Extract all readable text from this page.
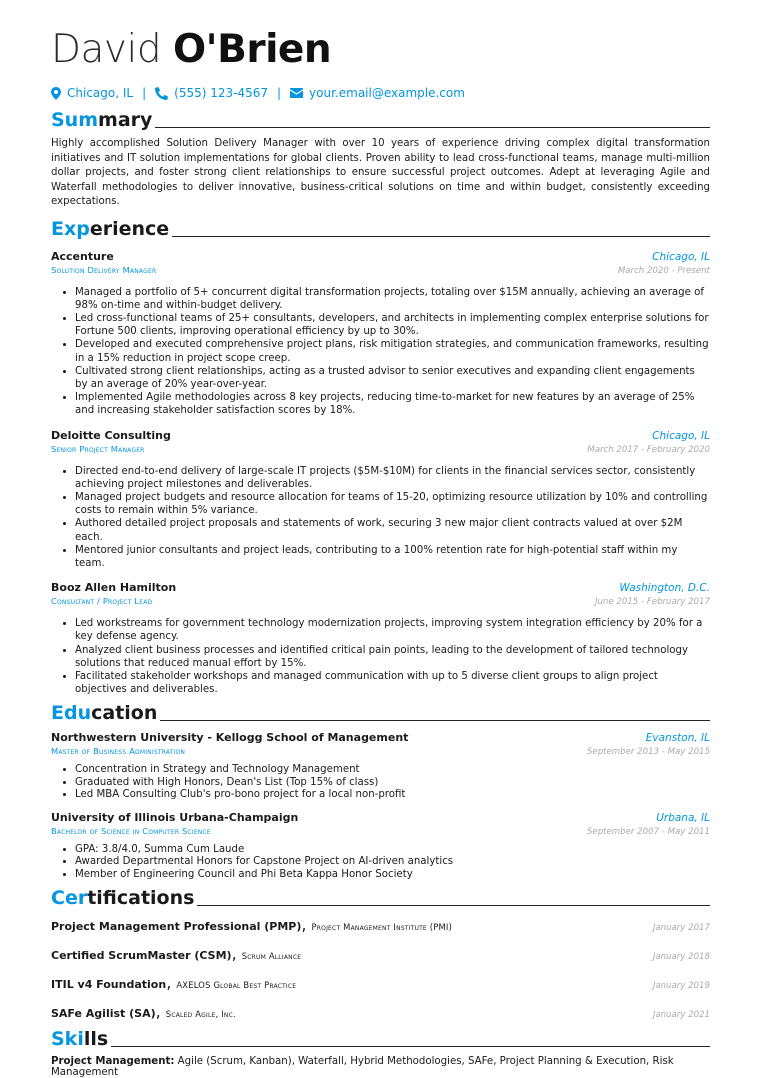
David O'Brien
Chicago, IL | (555) 123-4567 | your.email@example.com
Summary
Highly accomplished Solution Delivery Manager with over 10 years of experience driving complex digital transformation initiatives and IT solution implementations for global clients. Proven ability to lead cross-functional teams, manage multi-million dollar projects, and foster strong client relationships to ensure successful project outcomes. Adept at leveraging Agile and Waterfall methodologies to deliver innovative, business-critical solutions on time and within budget, consistently exceeding expectations.
Experience
Accenture	Chicago, IL
Solution Delivery Manager	March 2020 - Present
• Managed a portfolio of 5+ concurrent digital transformation projects, totaling over $15M annually, achieving an average of 98% on-time and within-budget delivery.
• Led cross-functional teams of 25+ consultants, developers, and architects in implementing complex enterprise solutions for Fortune 500 clients, improving operational efficiency by up to 30%.
• Developed and executed comprehensive project plans, risk mitigation strategies, and communication frameworks, resulting in a 15% reduction in project scope creep.
• Cultivated strong client relationships, acting as a trusted advisor to senior executives and expanding client engagements by an average of 20% year-over-year.
• Implemented Agile methodologies across 8 key projects, reducing time-to-market for new features by an average of 25% and increasing stakeholder satisfaction scores by 18%.
Deloitte Consulting	Chicago, IL
Senior Project Manager	March 2017 - February 2020
• Directed end-to-end delivery of large-scale IT projects ($5M-$10M) for clients in the financial services sector, consistently achieving project milestones and deliverables.
• Managed project budgets and resource allocation for teams of 15-20, optimizing resource utilization by 10% and controlling costs to remain within 5% variance.
• Authored detailed project proposals and statements of work, securing 3 new major client contracts valued at over $2M each.
• Mentored junior consultants and project leads, contributing to a 100% retention rate for high-potential staff within my team.
Booz Allen Hamilton	Washington, D.C.
Consultant / Project Lead	June 2015 - February 2017
• Led workstreams for government technology modernization projects, improving system integration efficiency by 20% for a key defense agency.
• Analyzed client business processes and identified critical pain points, leading to the development of tailored technology solutions that reduced manual effort by 15%.
• Facilitated stakeholder workshops and managed communication with up to 5 diverse client groups to align project objectives and deliverables.
Education
Northwestern University - Kellogg School of Management	Evanston, IL
Master of Business Administration	September 2013 - May 2015
• Concentration in Strategy and Technology Management
• Graduated with High Honors, Dean's List (Top 15% of class)
• Led MBA Consulting Club's pro-bono project for a local non-profit
University of Illinois Urbana-Champaign	Urbana, IL
Bachelor of Science in Computer Science	September 2007 - May 2011
• GPA: 3.8/4.0, Summa Cum Laude
• Awarded Departmental Honors for Capstone Project on AI-driven analytics
• Member of Engineering Council and Phi Beta Kappa Honor Society
Certifications
Project Management Professional (PMP), Project Management Institute (PMI)	January 2017
Certified ScrumMaster (CSM), Scrum Alliance	January 2018
ITIL v4 Foundation, AXELOS Global Best Practice	January 2019
SAFe Agilist (SA), Scaled Agile, Inc.	January 2021
Skills
Project Management: Agile (Scrum, Kanban), Waterfall, Hybrid Methodologies, SAFe, Project Planning & Execution, Risk Management
